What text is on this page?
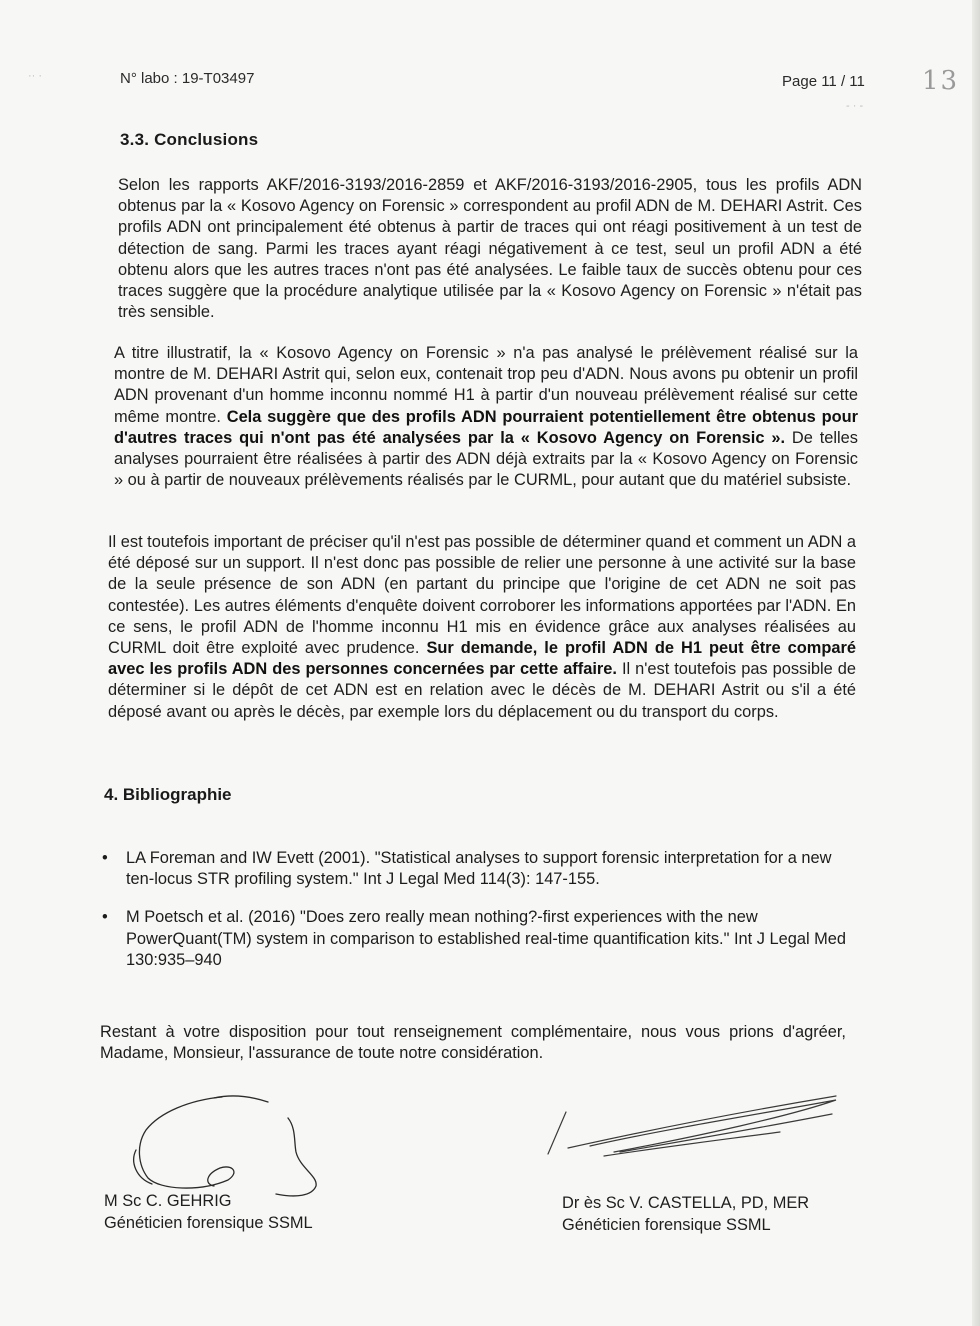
·· ·
- · -
N° labo : 19-T03497	Page 11 / 11 13
3.3. Conclusions

Selon les rapports AKF/2016-3193/2016-2859 et AKF/2016-3193/2016-2905, tous les profils ADN obtenus par la « Kosovo Agency on Forensic » correspondent au profil ADN de M. DEHARI Astrit. Ces profils ADN ont principalement été obtenus à partir de traces qui ont réagi positivement à un test de détection de sang. Parmi les traces ayant réagi négativement à ce test, seul un profil ADN a été obtenu alors que les autres traces n'ont pas été analysées. Le faible taux de succès obtenu pour ces traces suggère que la procédure analytique utilisée par la « Kosovo Agency on Forensic » n'était pas très sensible.

A titre illustratif, la « Kosovo Agency on Forensic » n'a pas analysé le prélèvement réalisé sur la montre de M. DEHARI Astrit qui, selon eux, contenait trop peu d'ADN. Nous avons pu obtenir un profil ADN provenant d'un homme inconnu nommé H1 à partir d'un nouveau prélèvement réalisé sur cette même montre. Cela suggère que des profils ADN pourraient potentiellement être obtenus pour d'autres traces qui n'ont pas été analysées par la « Kosovo Agency on Forensic ». De telles analyses pourraient être réalisées à partir des ADN déjà extraits par la « Kosovo Agency on Forensic » ou à partir de nouveaux prélèvements réalisés par le CURML, pour autant que du matériel subsiste.

Il est toutefois important de préciser qu'il n'est pas possible de déterminer quand et comment un ADN a été déposé sur un support. Il n'est donc pas possible de relier une personne à une activité sur la base de la seule présence de son ADN (en partant du principe que l'origine de cet ADN ne soit pas contestée). Les autres éléments d'enquête doivent corroborer les informations apportées par l'ADN. En ce sens, le profil ADN de l'homme inconnu H1 mis en évidence grâce aux analyses réalisées au CURML doit être exploité avec prudence. Sur demande, le profil ADN de H1 peut être comparé avec les profils ADN des personnes concernées par cette affaire. Il n'est toutefois pas possible de déterminer si le dépôt de cet ADN est en relation avec le décès de M. DEHARI Astrit ou s'il a été déposé avant ou après le décès, par exemple lors du déplacement ou du transport du corps.

4. Bibliographie
• LA Foreman and IW Evett (2001). "Statistical analyses to support forensic interpretation for a new ten-locus STR profiling system." Int J Legal Med 114(3): 147-155.
• M Poetsch et al. (2016) "Does zero really mean nothing?-first experiences with the new PowerQuant(TM) system in comparison to established real-time quantification kits." Int J Legal Med 130:935–940

Restant à votre disposition pour tout renseignement complémentaire, nous vous prions d'agréer, Madame, Monsieur, l'assurance de toute notre considération.

M Sc C. GEHRIG
Généticien forensique SSML
Dr ès Sc V. CASTELLA, PD, MER
Généticien forensique SSML
